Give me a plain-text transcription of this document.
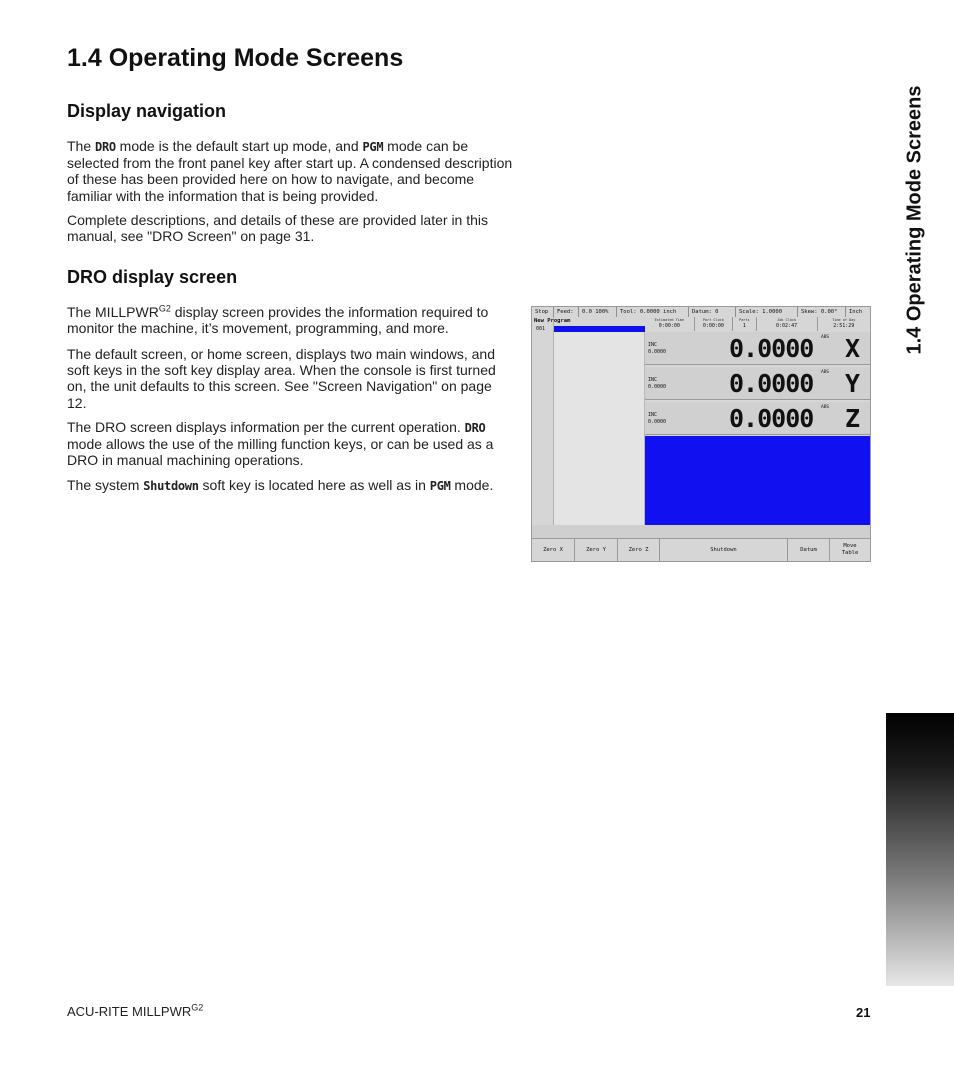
1.4 Operating Mode Screens
Display navigation

The DRO mode is the default start up mode, and PGM mode can be selected from the front panel key after start up. A condensed description of these has been provided here on how to navigate, and become familiar with the information that is being provided.

Complete descriptions, and details of these are provided later in this manual, see "DRO Screen" on page 31.

DRO display screen

The $MILLPWR^{G2}$ display screen provides the information required to monitor the machine, it’s movement, programming, and more.

The default screen, or home screen, displays two main windows, and soft keys in the soft key display area. When the console is first turned on, the unit defaults to this screen. See "Screen Navigation" on page 12.

The DRO screen displays information per the current operation. DRO mode allows the use of the milling function keys, or can be used as a DRO in manual machining operations.

The system Shutdown soft key is located here as well as in PGM mode.

Stop	Feed:	0.0 100%	Tool: 0.0000 inch	Datum: 0	Scale: 1.0000	Skew: 0.00°	Inch
Estimated Time
0:00:00
Part Clock
0:00:00
Parts
1
Job Clock
0:02:47
Time of Day
2:51:29
New Program
001
INC
0.0000	0.0000 ABS X
INC
0.0000	0.0000 ABS Y
INC
0.0000	0.0000 ABS Z
Zero X	Zero Y	Zero Z	Shutdown	Datum
Move Table
1.4 Operating Mode Screens
ACU-RITE $MILLPWR^{G2}$	21
